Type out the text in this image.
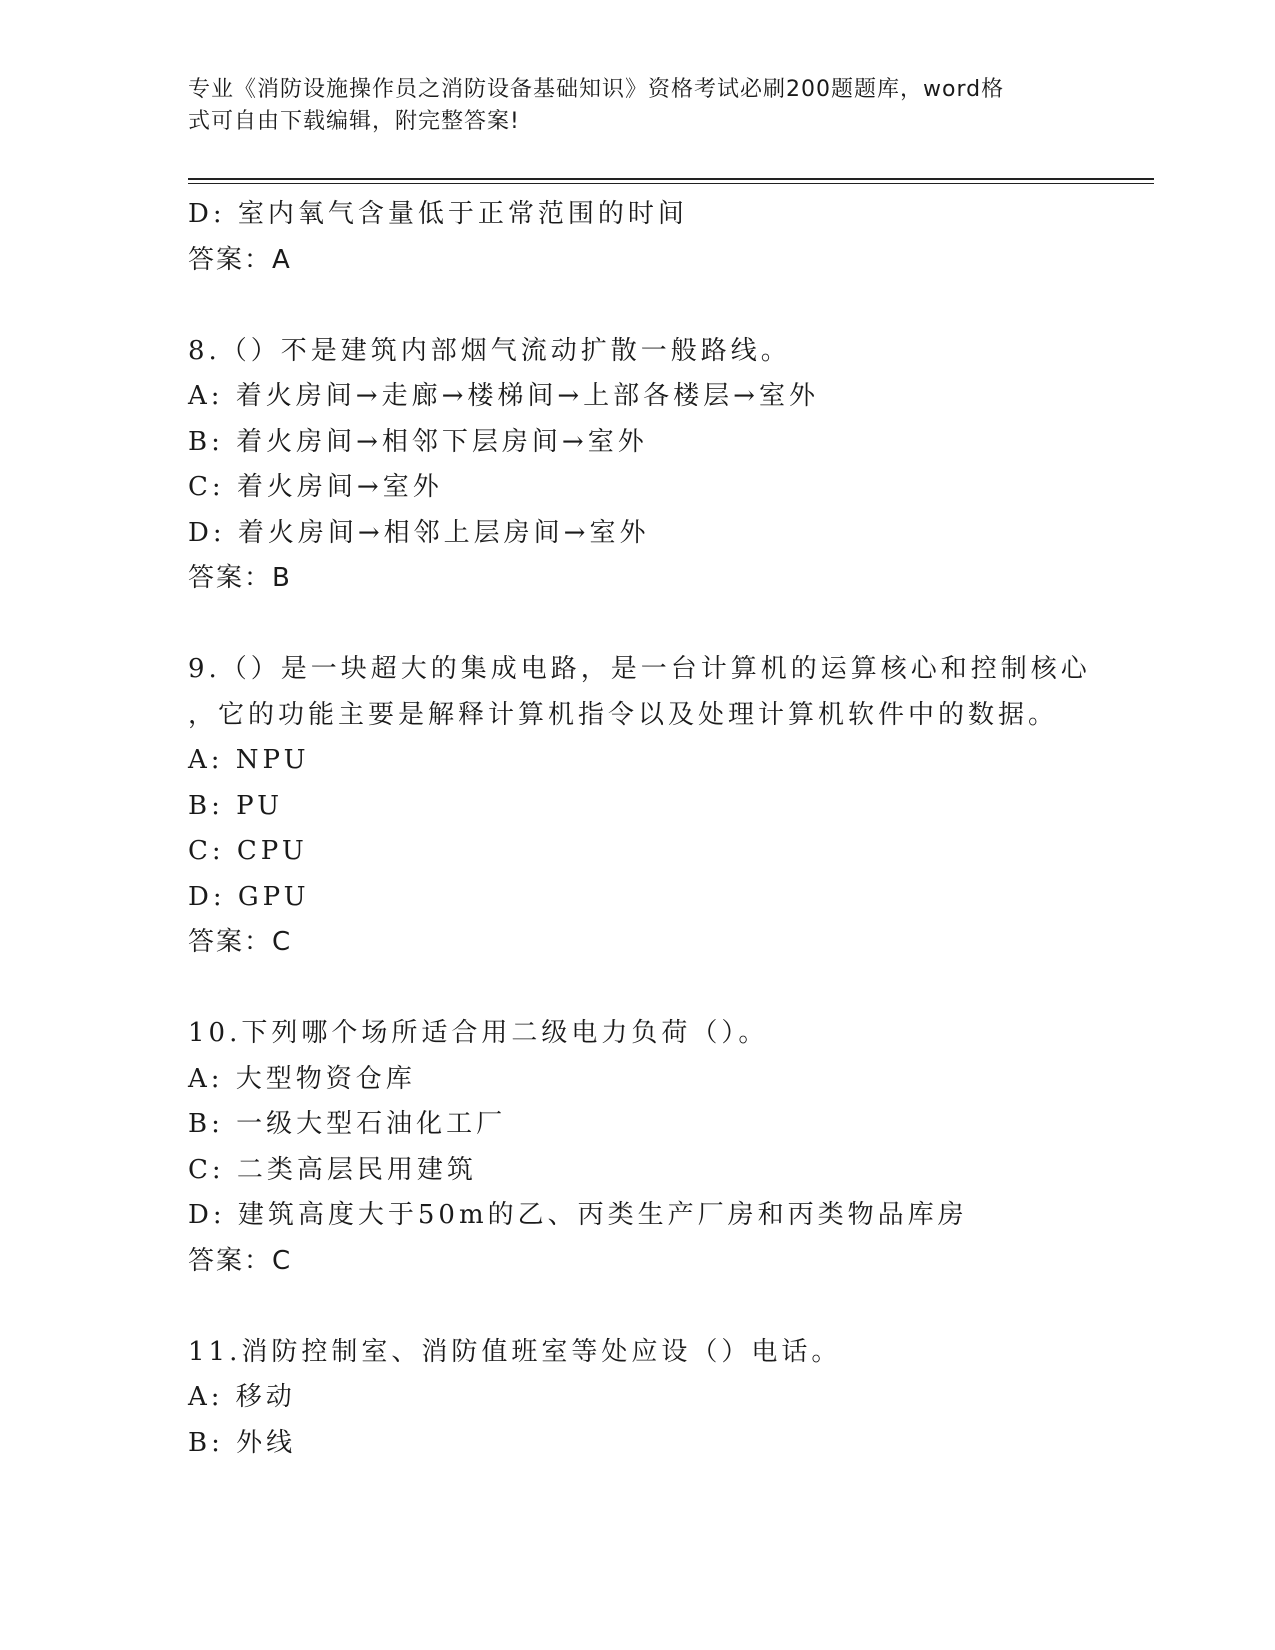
专业《消防设施操作员之消防设备基础知识》资格考试必刷200题题库，word格
式可自由下载编辑，附完整答案!
D: 室内氧气含量低于正常范围的时间
答案：A
8.（）不是建筑内部烟气流动扩散一般路线。
A: 着火房间→走廊→楼梯间→上部各楼层→室外
B: 着火房间→相邻下层房间→室外
C: 着火房间→室外
D: 着火房间→相邻上层房间→室外
答案：B
9.（）是一块超大的集成电路，是一台计算机的运算核心和控制核心
，它的功能主要是解释计算机指令以及处理计算机软件中的数据。
A: NPU
B: PU
C: CPU
D: GPU
答案：C
10.下列哪个场所适合用二级电力负荷（）。
A: 大型物资仓库
B: 一级大型石油化工厂
C: 二类高层民用建筑
D: 建筑高度大于50m的乙、丙类生产厂房和丙类物品库房
答案：C
11.消防控制室、消防值班室等处应设（）电话。
A: 移动
B: 外线
